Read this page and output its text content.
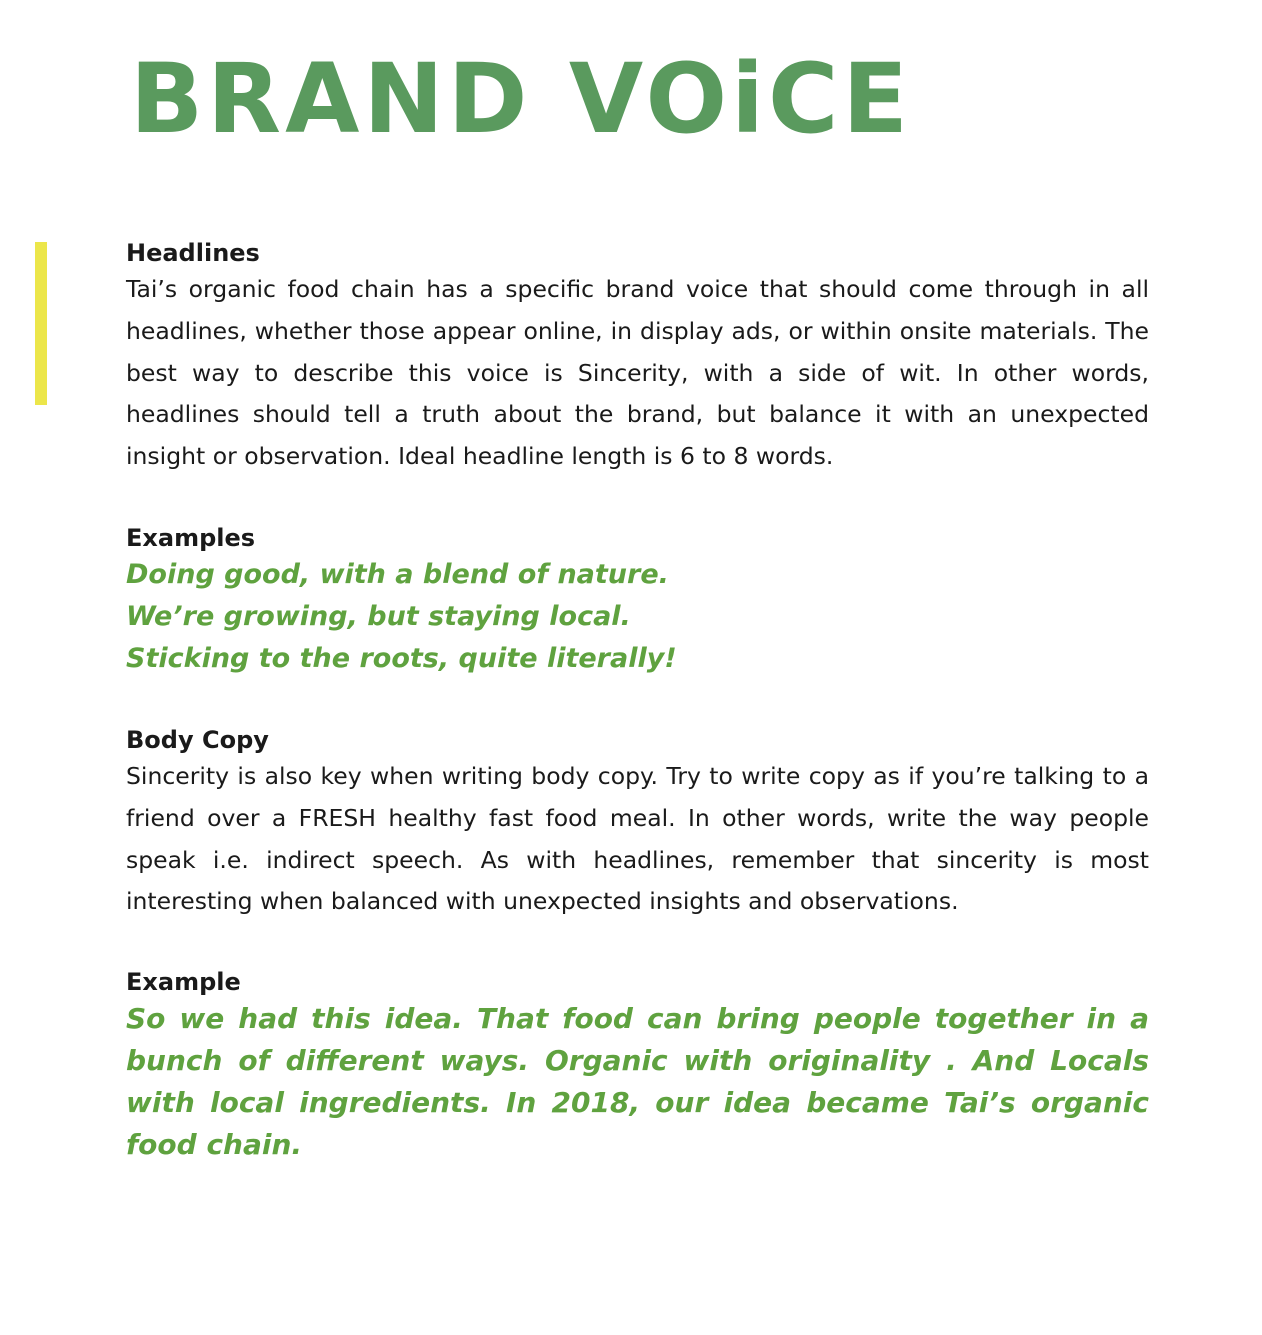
BRAND VOiCE
Headlines

Tai’s organic food chain has a specific brand voice that should come through in all headlines, whether those appear online, in display ads, or within onsite materials. The best way to describe this voice is Sincerity, with a side of wit. In other words, headlines should tell a truth about the brand, but balance it with an unexpected insight or observation. Ideal headline length is 6 to 8 words.

Examples
Doing good, with a blend of nature.
We’re growing, but staying local.
Sticking to the roots, quite literally!
Body Copy

Sincerity is also key when writing body copy. Try to write copy as if you’re talking to a friend over a FRESH healthy fast food meal. In other words, write the way people speak i.e. indirect speech. As with headlines, remember that sincerity is most interesting when balanced with unexpected insights and observations.

Example

So we had this idea. That food can bring people together in a bunch of different ways. Organic with originality . And Locals with local ingredients. In 2018, our idea became Tai’s organic food chain.
